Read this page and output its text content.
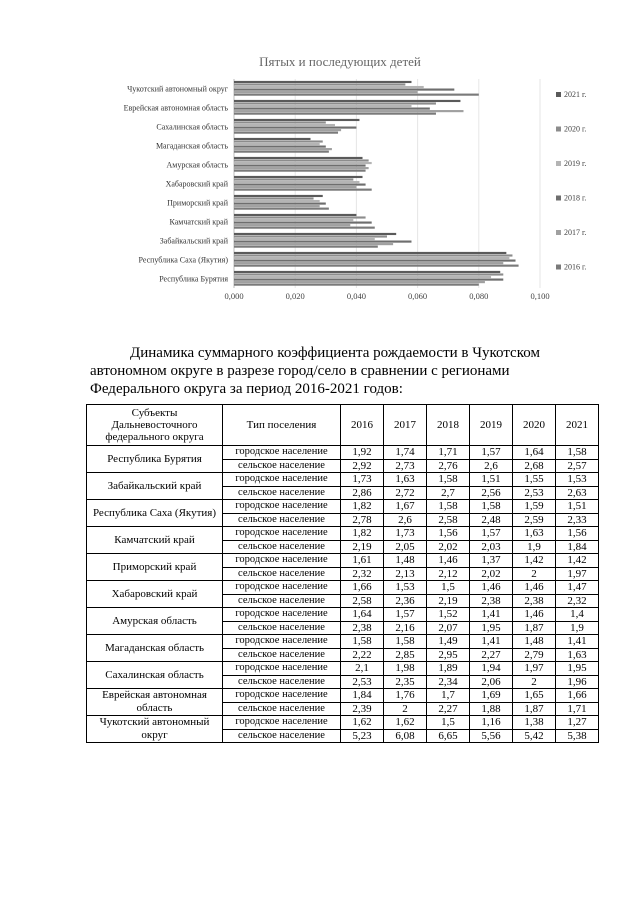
Пятых и последующих детей
0,000	0,020	0,040	0,060	0,080	0,100
Чукотский автономный округ
Еврейская автономная область
Сахалинская область
Магаданская область
Амурская область
Хабаровский край
Приморский край
Камчатский край
Забайкальский край
Республика Саха (Якутия)
Республика Бурятия
2021 г.
2020 г.
2019 г.
2018 г.
2017 г.
2016 г.

Динамика суммарного коэффициента рождаемости в Чукотском
автономном округе в разрезе город/село в сравнении с регионами
Федерального округа за период 2016-2021 годов:

Субъекты Дальневосточного федерального округа	Тип поселения	2016	2017	2018	2019	2020	2021
Республика Бурятия	городское население	1,92	1,74	1,71	1,57	1,64	1,58
	сельское население	2,92	2,73	2,76	2,6	2,68	2,57
Забайкальский край	городское население	1,73	1,63	1,58	1,51	1,55	1,53
	сельское население	2,86	2,72	2,7	2,56	2,53	2,63
Республика Саха (Якутия)	городское население	1,82	1,67	1,58	1,58	1,59	1,51
	сельское население	2,78	2,6	2,58	2,48	2,59	2,33
Камчатский край	городское население	1,82	1,73	1,56	1,57	1,63	1,56
	сельское население	2,19	2,05	2,02	2,03	1,9	1,84
Приморский край	городское население	1,61	1,48	1,46	1,37	1,42	1,42
	сельское население	2,32	2,13	2,12	2,02	2	1,97
Хабаровский край	городское население	1,66	1,53	1,5	1,46	1,46	1,47
	сельское население	2,58	2,36	2,19	2,38	2,38	2,32
Амурская область	городское население	1,64	1,57	1,52	1,41	1,46	1,4
	сельское население	2,38	2,16	2,07	1,95	1,87	1,9
Магаданская область	городское население	1,58	1,58	1,49	1,41	1,48	1,41
	сельское население	2,22	2,85	2,95	2,27	2,79	1,63
Сахалинская область	городское население	2,1	1,98	1,89	1,94	1,97	1,95
	сельское население	2,53	2,35	2,34	2,06	2	1,96
Еврейская автономная область	городское население	1,84	1,76	1,7	1,69	1,65	1,66
	сельское население	2,39	2	2,27	1,88	1,87	1,71
Чукотский автономный округ	городское население	1,62	1,62	1,5	1,16	1,38	1,27
	сельское население	5,23	6,08	6,65	5,56	5,42	5,38
